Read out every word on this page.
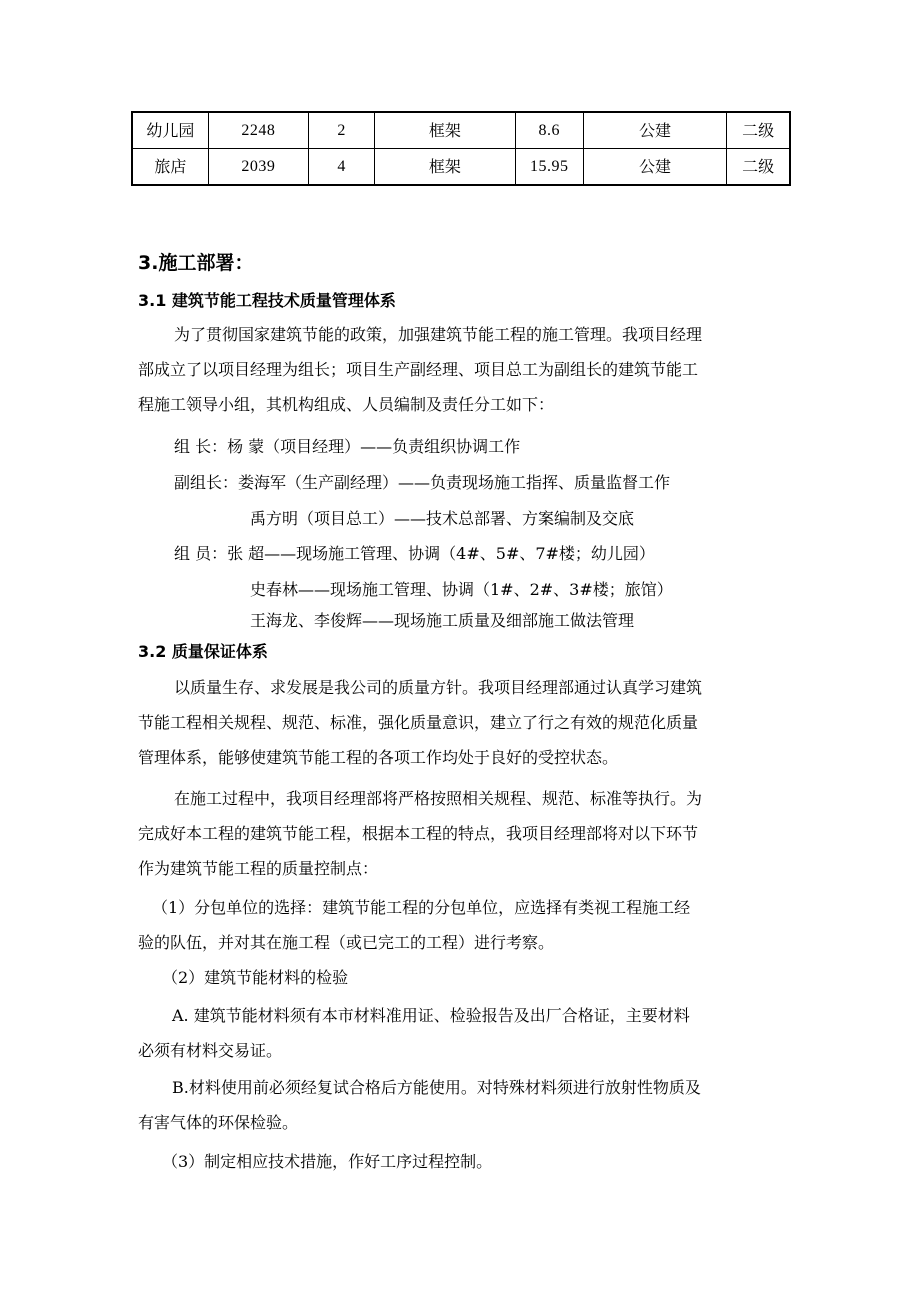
幼儿园	2248	2	框架	8.6	公建	二级
旅店	2039	4	框架	15.95	公建	二级
3.施工部署：
3.1 建筑节能工程技术质量管理体系
为了贯彻国家建筑节能的政策，加强建筑节能工程的施工管理。我项目经理
部成立了以项目经理为组长；项目生产副经理、项目总工为副组长的建筑节能工
程施工领导小组，其机构组成、人员编制及责任分工如下：
组 长：杨 蒙（项目经理）——负责组织协调工作
副组长：娄海军（生产副经理）——负责现场施工指挥、质量监督工作
禹方明（项目总工）——技术总部署、方案编制及交底
组 员：张 超——现场施工管理、协调（4#、5#、7#楼；幼儿园）
史春林——现场施工管理、协调（1#、2#、3#楼；旅馆）
王海龙、李俊辉——现场施工质量及细部施工做法管理
3.2 质量保证体系
以质量生存、求发展是我公司的质量方针。我项目经理部通过认真学习建筑
节能工程相关规程、规范、标准，强化质量意识，建立了行之有效的规范化质量
管理体系，能够使建筑节能工程的各项工作均处于良好的受控状态。
在施工过程中，我项目经理部将严格按照相关规程、规范、标准等执行。为
完成好本工程的建筑节能工程，根据本工程的特点，我项目经理部将对以下环节
作为建筑节能工程的质量控制点：
（1）分包单位的选择：建筑节能工程的分包单位，应选择有类视工程施工经
验的队伍，并对其在施工程（或已完工的工程）进行考察。
（2）建筑节能材料的检验
A. 建筑节能材料须有本市材料准用证、检验报告及出厂合格证，主要材料
必须有材料交易证。
B.材料使用前必须经复试合格后方能使用。对特殊材料须进行放射性物质及
有害气体的环保检验。
（3）制定相应技术措施，作好工序过程控制。
